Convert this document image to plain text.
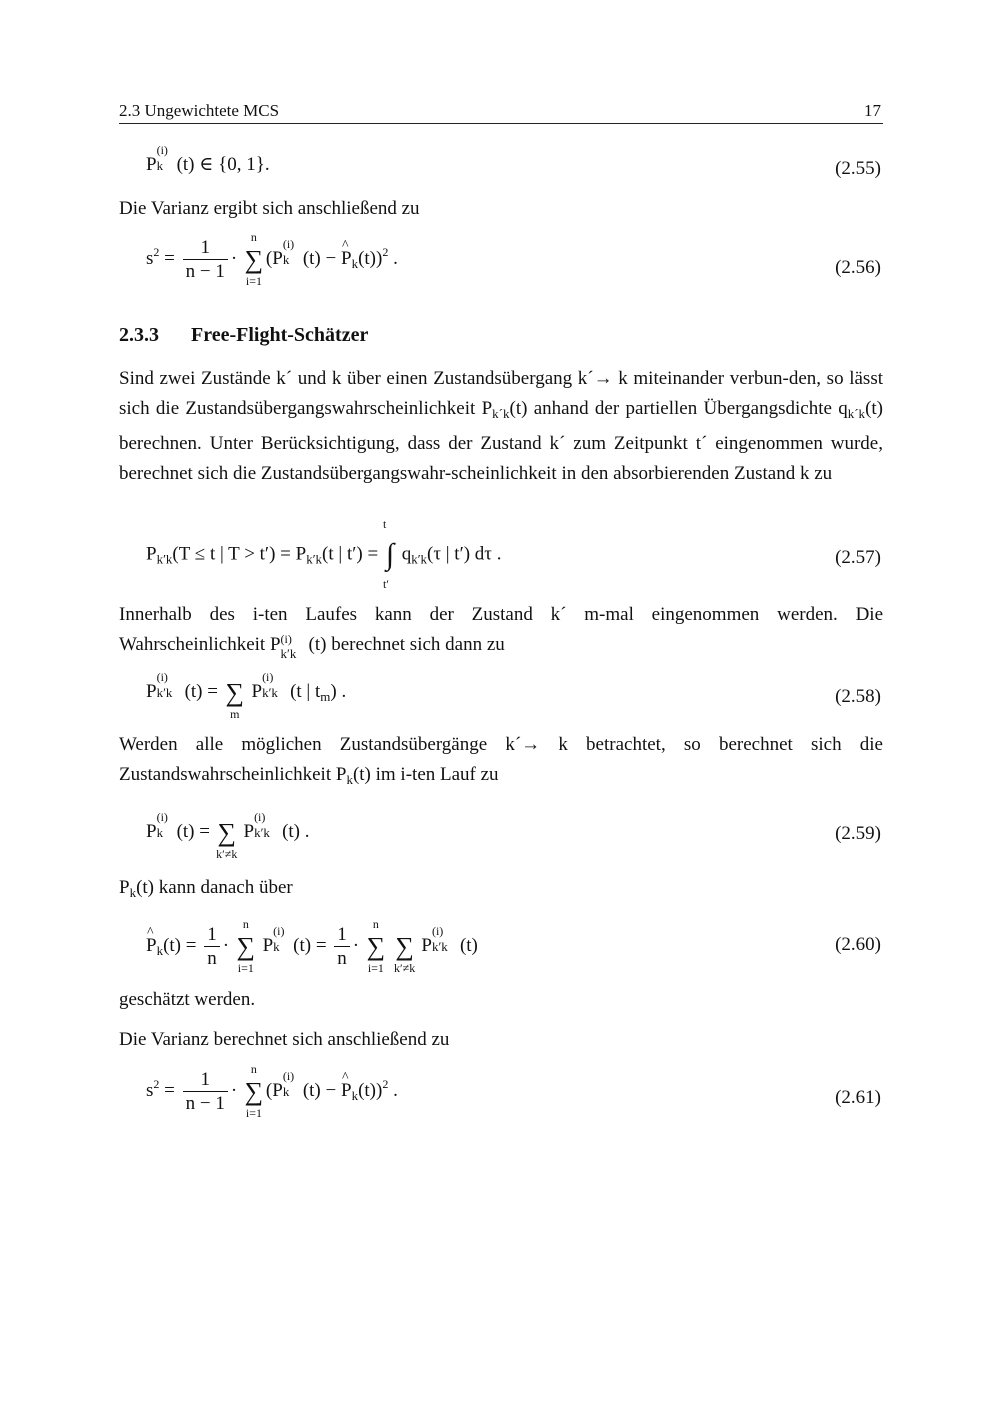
2.3 Ungewichtete MCS	17
P
(i)
k (t) ∈ {0, 1}.	(2.55)
Die Varianz ergibt sich anschließend zu
$s^2 = \frac{1}{n - 1}$ ·
n
∑
i=1
(P
(i)
k (t) − ^ $P_k(t))^2$ .	(2.56)
2.3.3 Free-Flight-Schätzer
Sind zwei Zustände k´ und k über einen Zustandsübergang k´→ k miteinander verbun-den, so lässt sich die Zustandsübergangswahrscheinlichkeit $P_{k´k}(t)$ anhand der partiellen Übergangsdichte $q_{k´k}(t)$ berechnen. Unter Berücksichtigung, dass der Zustand k´ zum Zeitpunkt t´ eingenommen wurde, berechnet sich die Zustandsübergangswahr-scheinlichkeit in den absorbierenden Zustand k zu
$P_{k'k}(T \le t$ | $T > t') = P_{k'k}(t$ | t′) =
t
∫
t′
$q_{k'k}(\tau$ | t′) dτ .	(2.57)
Innerhalb des i-ten Laufes kann der Zustand k´ m-mal eingenommen werden. Die Wahrscheinlichkeit P (i)
k′k (t) berechnet sich dann zu
P
(i)
k′k (t) = ∑
m
P
(i)
k′k (t | $t_m$) .	(2.58)
Werden alle möglichen Zustandsübergänge k´→ k betrachtet, so berechnet sich die Zustandswahrscheinlichkeit $P_k(t)$ im i-ten Lauf zu
P
(i)
k (t) = ∑
k′≠k
P
(i)
k′k (t) .	(2.59)
$P_k(t)$ kann danach über
^ $P_k(t) = \frac{1}{n}$ ·
n
∑
i=1
P
(i)
k $(t) = \frac{1}{n}$ ·
n
∑
i=1
∑
k′≠k
P
(i)
k′k (t)	(2.60)
geschätzt werden.
Die Varianz berechnet sich anschließend zu
$s^2 = \frac{1}{n - 1}$ ·
n
∑
i=1
(P
(i)
k (t) − ^ $P_k(t))^2$ .	(2.61)
